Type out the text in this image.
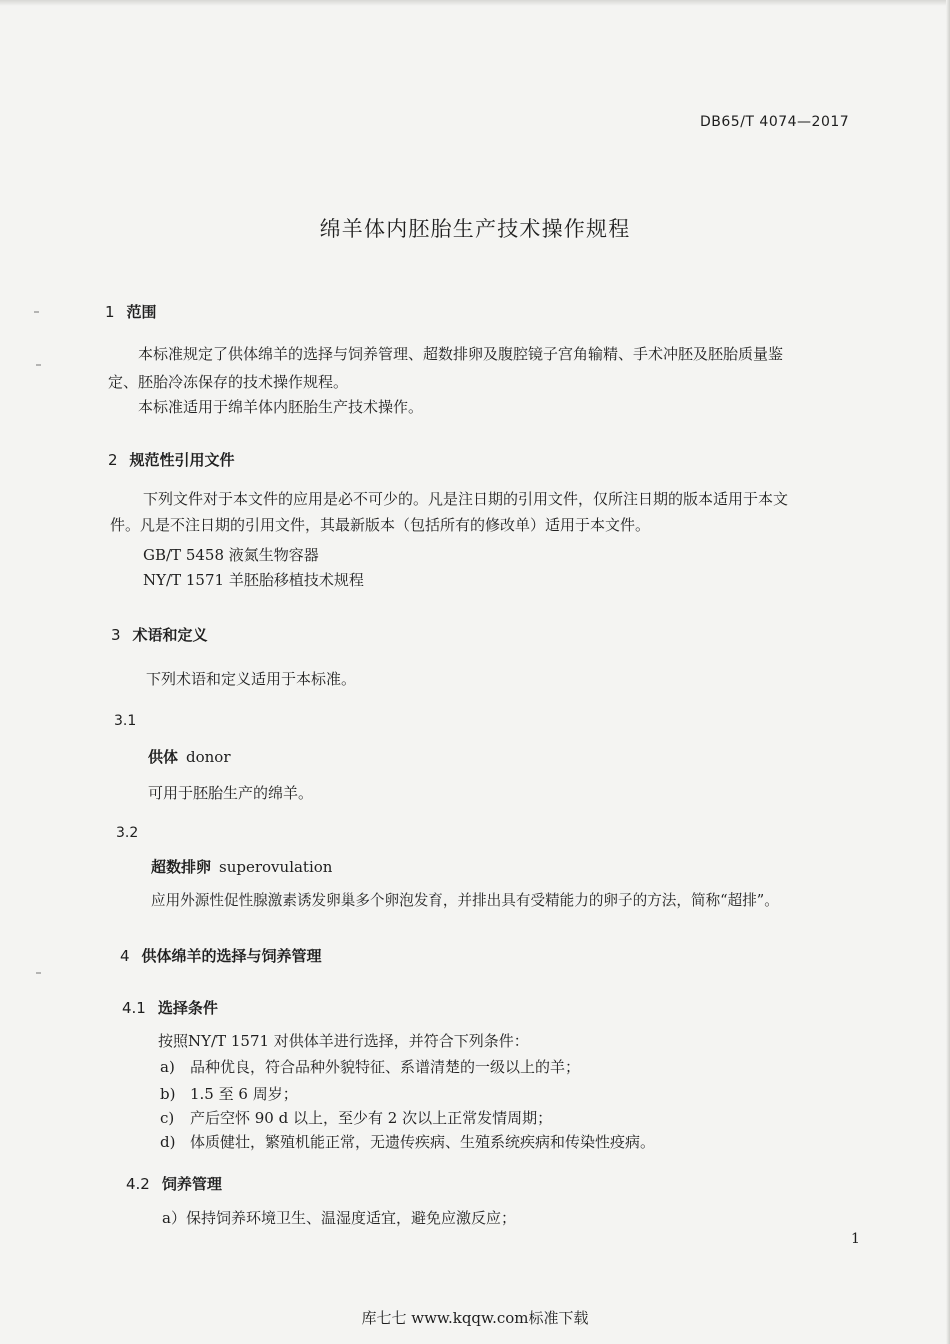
DB65/T 4074—2017
绵羊体内胚胎生产技术操作规程
1 范围
本标准规定了供体绵羊的选择与饲养管理、超数排卵及腹腔镜子宫角输精、手术冲胚及胚胎质量鉴
定、胚胎冷冻保存的技术操作规程。
本标准适用于绵羊体内胚胎生产技术操作。
2 规范性引用文件
下列文件对于本文件的应用是必不可少的。凡是注日期的引用文件，仅所注日期的版本适用于本文
件。凡是不注日期的引用文件，其最新版本（包括所有的修改单）适用于本文件。
GB/T 5458 液氮生物容器
NY/T 1571 羊胚胎移植技术规程
3 术语和定义
下列术语和定义适用于本标准。
3.1
供体 donor
可用于胚胎生产的绵羊。
3.2
超数排卵 superovulation
应用外源性促性腺激素诱发卵巢多个卵泡发育，并排出具有受精能力的卵子的方法，简称“超排”。
4 供体绵羊的选择与饲养管理
4.1 选择条件
按照NY/T 1571 对供体羊进行选择，并符合下列条件：
a) 品种优良，符合品种外貌特征、系谱清楚的一级以上的羊；
b) 1.5 至 6 周岁；
c) 产后空怀 90 d 以上，至少有 2 次以上正常发情周期；
d) 体质健壮，繁殖机能正常，无遗传疾病、生殖系统疾病和传染性疫病。
4.2 饲养管理
a）保持饲养环境卫生、温湿度适宜，避免应激反应；
1
库七七 www.kqqw.com标准下载
